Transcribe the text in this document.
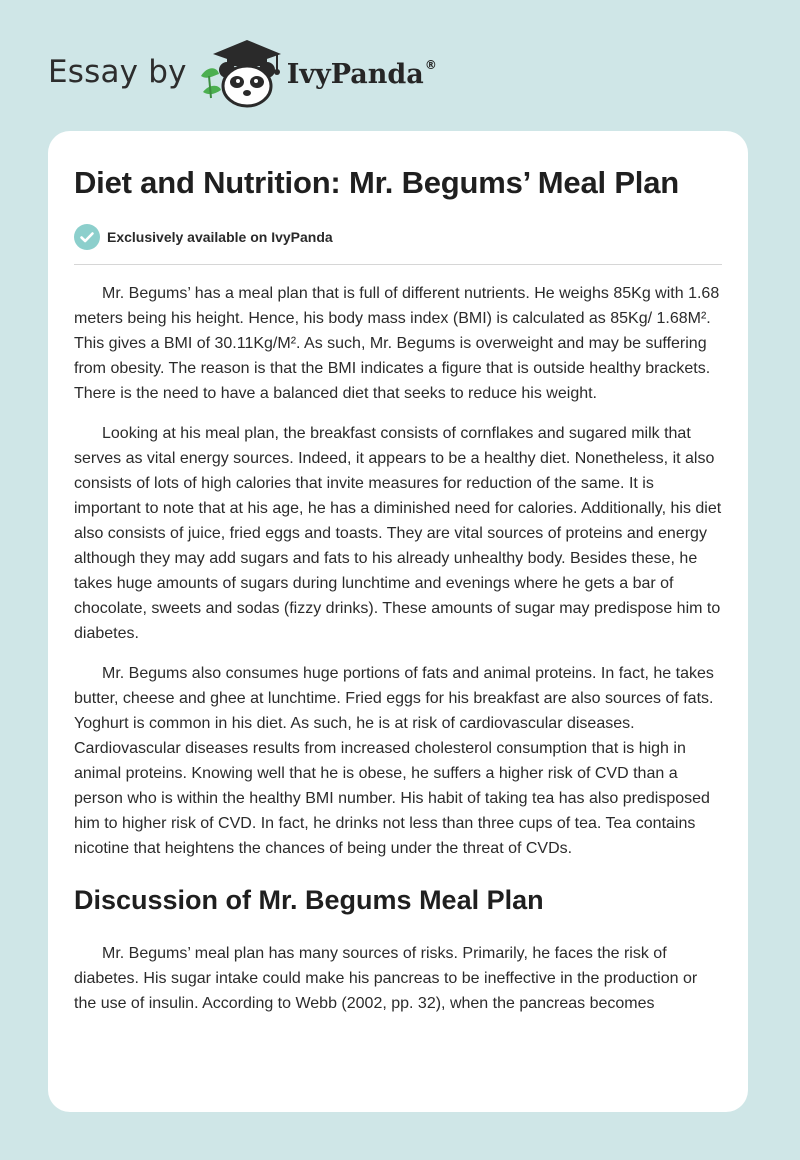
Essay by	IvyPanda®
Diet and Nutrition: Mr. Begums’ Meal Plan
Exclusively available on IvyPanda

Mr. Begums’ has a meal plan that is full of different nutrients. He weighs 85Kg with 1.68 meters being his height. Hence, his body mass index (BMI) is calculated as 85Kg/ 1.68M². This gives a BMI of 30.11Kg/M². As such, Mr. Begums is overweight and may be suffering from obesity. The reason is that the BMI indicates a figure that is outside healthy brackets. There is the need to have a balanced diet that seeks to reduce his weight.

Looking at his meal plan, the breakfast consists of cornflakes and sugared milk that serves as vital energy sources. Indeed, it appears to be a healthy diet. Nonetheless, it also consists of lots of high calories that invite measures for reduction of the same. It is important to note that at his age, he has a diminished need for calories. Additionally, his diet also consists of juice, fried eggs and toasts. They are vital sources of proteins and energy although they may add sugars and fats to his already unhealthy body. Besides these, he takes huge amounts of sugars during lunchtime and evenings where he gets a bar of chocolate, sweets and sodas (fizzy drinks). These amounts of sugar may predispose him to diabetes.

Mr. Begums also consumes huge portions of fats and animal proteins. In fact, he takes butter, cheese and ghee at lunchtime. Fried eggs for his breakfast are also sources of fats. Yoghurt is common in his diet. As such, he is at risk of cardiovascular diseases. Cardiovascular diseases results from increased cholesterol consumption that is high in animal proteins. Knowing well that he is obese, he suffers a higher risk of CVD than a person who is within the healthy BMI number. His habit of taking tea has also predisposed him to higher risk of CVD. In fact, he drinks not less than three cups of tea. Tea contains nicotine that heightens the chances of being under the threat of CVDs.

Discussion of Mr. Begums Meal Plan

Mr. Begums’ meal plan has many sources of risks. Primarily, he faces the risk of diabetes. His sugar intake could make his pancreas to be ineffective in the production or the use of insulin. According to Webb (2002, pp. 32), when the pancreas becomes
